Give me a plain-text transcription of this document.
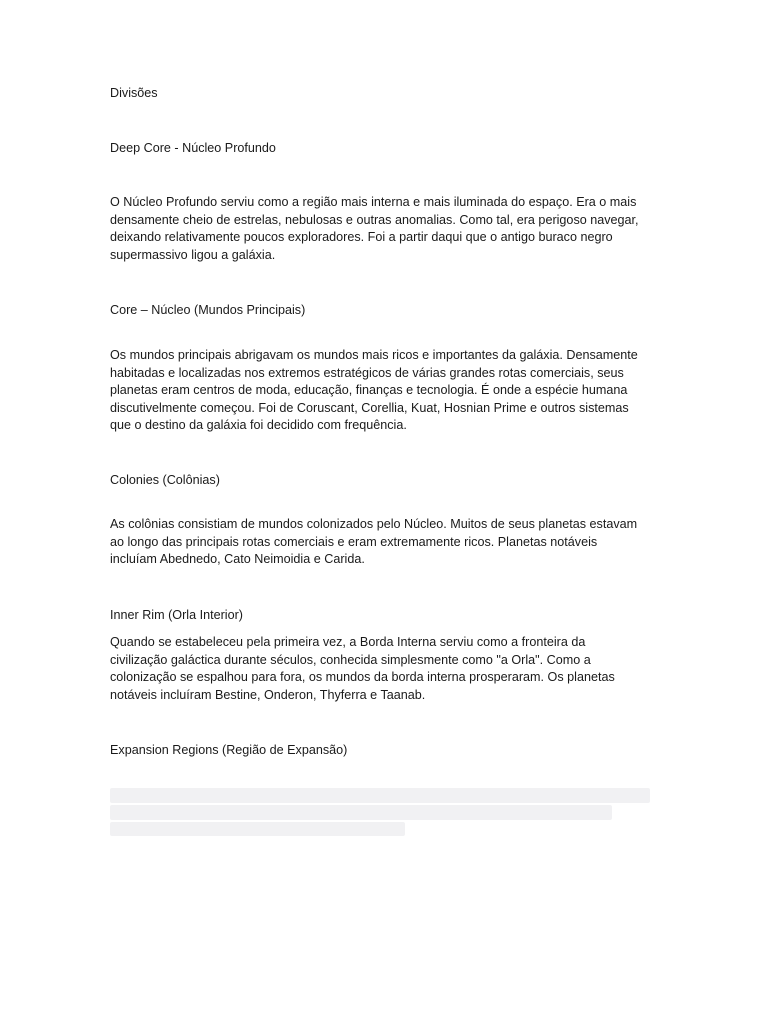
Divisões

Deep Core - Núcleo Profundo

O Núcleo Profundo serviu como a região mais interna e mais iluminada do espaço. Era o mais
densamente cheio de estrelas, nebulosas e outras anomalias. Como tal, era perigoso navegar,
deixando relativamente poucos exploradores. Foi a partir daqui que o antigo buraco negro
supermassivo ligou a galáxia.

Core – Núcleo (Mundos Principais)

Os mundos principais abrigavam os mundos mais ricos e importantes da galáxia. Densamente
habitadas e localizadas nos extremos estratégicos de várias grandes rotas comerciais, seus
planetas eram centros de moda, educação, finanças e tecnologia. É onde a espécie humana
discutivelmente começou. Foi de Coruscant, Corellia, Kuat, Hosnian Prime e outros sistemas
que o destino da galáxia foi decidido com frequência.

Colonies (Colônias)

As colônias consistiam de mundos colonizados pelo Núcleo. Muitos de seus planetas estavam
ao longo das principais rotas comerciais e eram extremamente ricos. Planetas notáveis
incluíam Abednedo, Cato Neimoidia e Carida.

Inner Rim (Orla Interior)

Quando se estabeleceu pela primeira vez, a Borda Interna serviu como a fronteira da
civilização galáctica durante séculos, conhecida simplesmente como "a Orla". Como a
colonização se espalhou para fora, os mundos da borda interna prosperaram. Os planetas
notáveis incluíram Bestine, Onderon, Thyferra e Taanab.

Expansion Regions (Região de Expansão)
